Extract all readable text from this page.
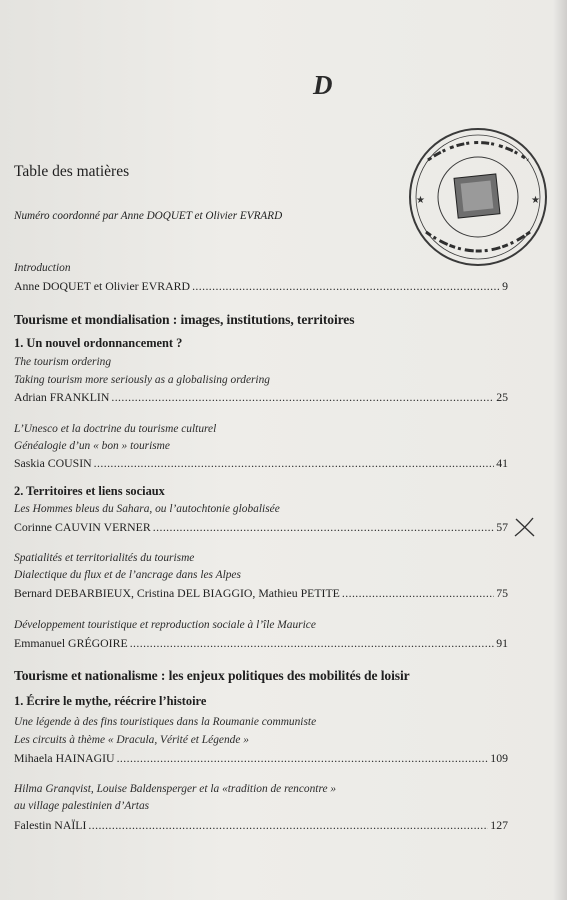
D
★	★
Table des matières
Numéro coordonné par Anne DOQUET et Olivier EVRARD
Introduction
Anne DOQUET et Olivier EVRARD .....	9
Tourisme et mondialisation : images, institutions, territoires
1. Un nouvel ordonnancement ?
The tourism ordering
Taking tourism more seriously as a globalising ordering
Adrian FRANKLIN .....	25
L’Unesco et la doctrine du tourisme culturel
Généalogie d’un « bon » tourisme
Saskia COUSIN .....	41
2. Territoires et liens sociaux
Les Hommes bleus du Sahara, ou l’autochtonie globalisée
Corinne CAUVIN VERNER .....	57
Spatialités et territorialités du tourisme
Dialectique du flux et de l’ancrage dans les Alpes
Bernard DEBARBIEUX, Cristina DEL BIAGGIO, Mathieu PETITE .....	75
Développement touristique et reproduction sociale à l’île Maurice
Emmanuel GRÉGOIRE .....	91
Tourisme et nationalisme : les enjeux politiques des mobilités de loisir
1. Écrire le mythe, réécrire l’histoire
Une légende à des fins touristiques dans la Roumanie communiste
Les circuits à thème « Dracula, Vérité et Légende »
Mihaela HAINAGIU .....	109
Hilma Granqvist, Louise Baldensperger et la «tradition de rencontre »
au village palestinien d’Artas
Falestin NAÏLI .....	127
